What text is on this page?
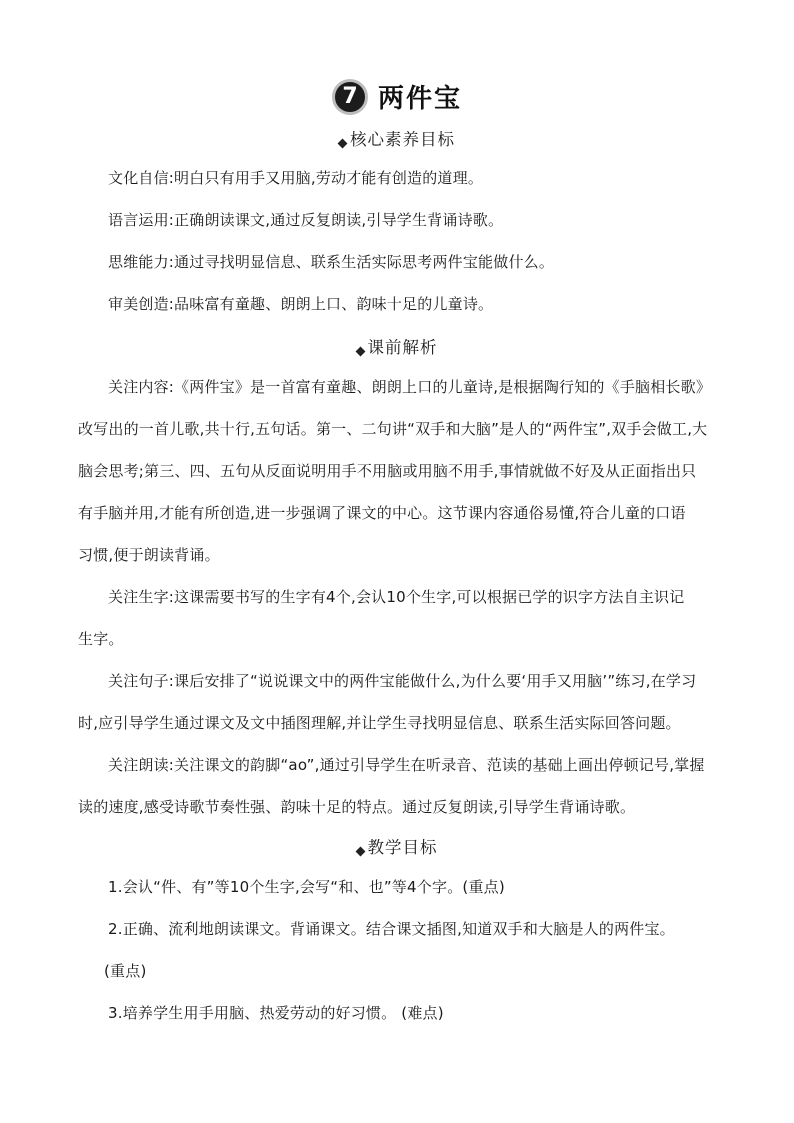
7 两件宝
核心素养目标
文化自信:明白只有用手又用脑,劳动才能有创造的道理。
语言运用:正确朗读课文,通过反复朗读,引导学生背诵诗歌。
思维能力:通过寻找明显信息、联系生活实际思考两件宝能做什么。
审美创造:品味富有童趣、朗朗上口、韵味十足的儿童诗。
课前解析
关注内容:《两件宝》是一首富有童趣、朗朗上口的儿童诗,是根据陶行知的《手脑相长歌》
改写出的一首儿歌,共十行,五句话。第一、二句讲“双手和大脑”是人的“两件宝”,双手会做工,大
脑会思考;第三、四、五句从反面说明用手不用脑或用脑不用手,事情就做不好及从正面指出只
有手脑并用,才能有所创造,进一步强调了课文的中心。这节课内容通俗易懂,符合儿童的口语
习惯,便于朗读背诵。
关注生字:这课需要书写的生字有4个,会认10个生字,可以根据已学的识字方法自主识记
生字。
关注句子:课后安排了“说说课文中的两件宝能做什么,为什么要‘用手又用脑’”练习,在学习
时,应引导学生通过课文及文中插图理解,并让学生寻找明显信息、联系生活实际回答问题。
关注朗读:关注课文的韵脚“ao”,通过引导学生在听录音、范读的基础上画出停顿记号,掌握
读的速度,感受诗歌节奏性强、韵味十足的特点。通过反复朗读,引导学生背诵诗歌。
教学目标
1.会认“件、有”等10个生字,会写“和、也”等4个字。(重点)
2.正确、流利地朗读课文。背诵课文。结合课文插图,知道双手和大脑是人的两件宝。
(重点)
3.培养学生用手用脑、热爱劳动的好习惯。 (难点)
